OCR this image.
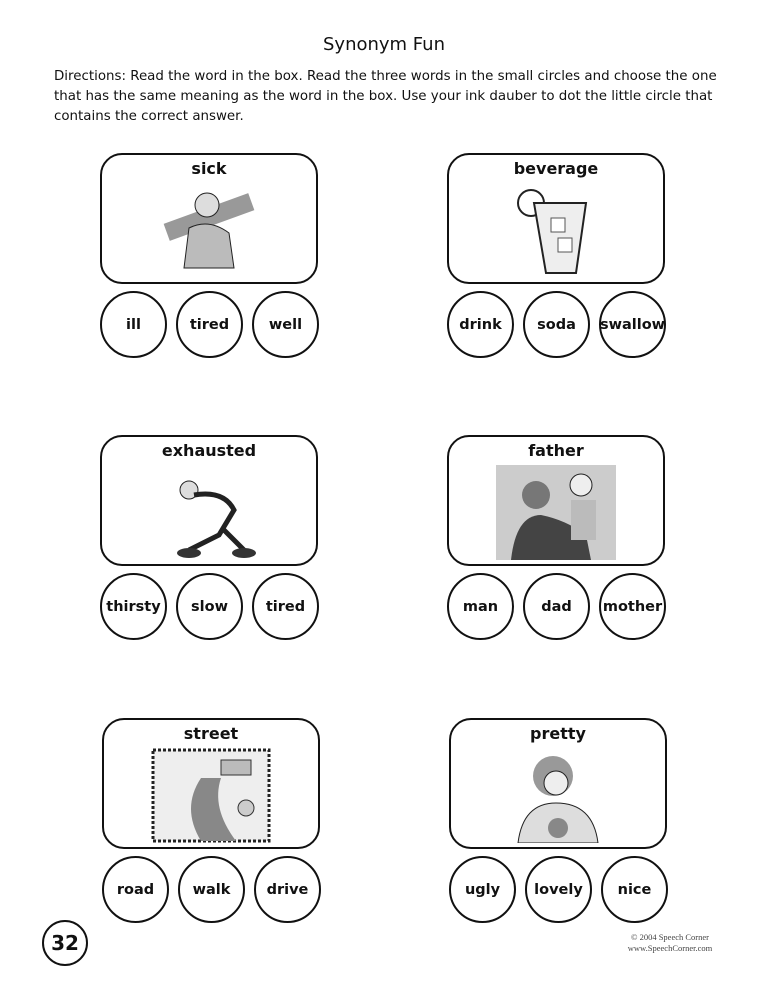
Synonym Fun
Directions: Read the word in the box. Read the three words in the small circles and choose the one that has the same meaning as the word in the box. Use your ink dauber to dot the little circle that contains the correct answer.
sick
ill	tired	well
beverage
drink	soda	swallow
exhausted
thirsty	slow	tired
father
man	dad	mother
street
road	walk	drive
pretty
ugly	lovely	nice
32	© 2004 Speech Corner
www.SpeechCorner.com
